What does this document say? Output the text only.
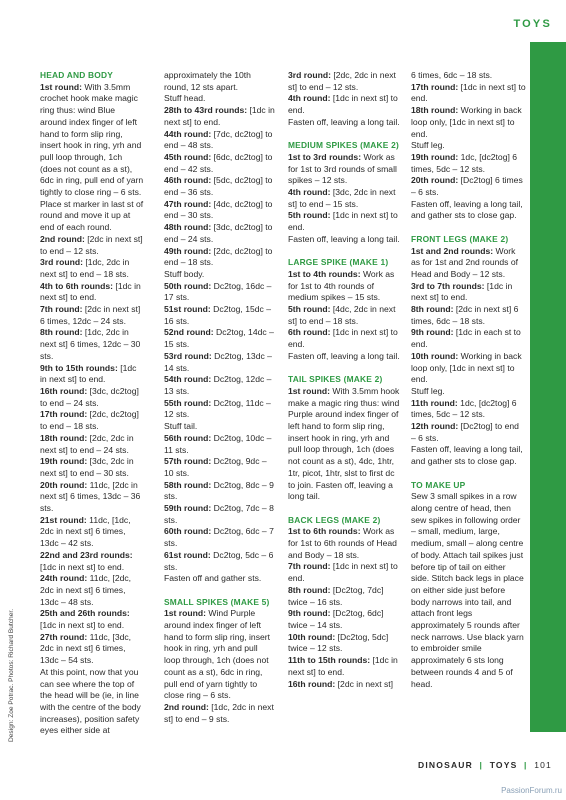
TOYS

HEAD AND BODY

1st round: With 3.5mm crochet hook make magic ring thus: wind Blue around index finger of left hand to form slip ring, insert hook in ring, yrh and pull loop through, 1ch (does not count as a st), 6dc in ring, pull end of yarn tightly to close ring – 6 sts.

Place st marker in last st of round and move it up at end of each round.

2nd round: [2dc in next st] to end – 12 sts.

3rd round: [1dc, 2dc in next st] to end – 18 sts.

4th to 6th rounds: [1dc in next st] to end.

7th round: [2dc in next st] 6 times, 12dc – 24 sts.

8th round: [1dc, 2dc in next st] 6 times, 12dc – 30 sts.

9th to 15th rounds: [1dc in next st] to end.

16th round: [3dc, dc2tog] to end – 24 sts.

17th round: [2dc, dc2tog] to end – 18 sts.

18th round: [2dc, 2dc in next st] to end – 24 sts.

19th round: [3dc, 2dc in next st] to end – 30 sts.

20th round: 11dc, [2dc in next st] 6 times, 13dc – 36 sts.

21st round: 11dc, [1dc, 2dc in next st] 6 times, 13dc – 42 sts.

22nd and 23rd rounds: [1dc in next st] to end.

24th round: 11dc, [2dc, 2dc in next st] 6 times, 13dc – 48 sts.

25th and 26th rounds: [1dc in next st] to end.

27th round: 11dc, [3dc, 2dc in next st] 6 times, 13dc – 54 sts.

At this point, now that you can see where the top of the head will be (ie, in line with the centre of the body increases), position safety eyes either side at

approximately the 10th round, 12 sts apart.

Stuff head.

28th to 43rd rounds: [1dc in next st] to end.

44th round: [7dc, dc2tog] to end – 48 sts.

45th round: [6dc, dc2tog] to end – 42 sts.

46th round: [5dc, dc2tog] to end – 36 sts.

47th round: [4dc, dc2tog] to end – 30 sts.

48th round: [3dc, dc2tog] to end – 24 sts.

49th round: [2dc, dc2tog] to end – 18 sts.

Stuff body.

50th round: Dc2tog, 16dc – 17 sts.

51st round: Dc2tog, 15dc – 16 sts.

52nd round: Dc2tog, 14dc – 15 sts.

53rd round: Dc2tog, 13dc – 14 sts.

54th round: Dc2tog, 12dc – 13 sts.

55th round: Dc2tog, 11dc – 12 sts.

Stuff tail.

56th round: Dc2tog, 10dc – 11 sts.

57th round: Dc2tog, 9dc – 10 sts.

58th round: Dc2tog, 8dc – 9 sts.

59th round: Dc2tog, 7dc – 8 sts.

60th round: Dc2tog, 6dc – 7 sts.

61st round: Dc2tog, 5dc – 6 sts.

Fasten off and gather sts.

SMALL SPIKES (MAKE 5)

1st round: Wind Purple around index finger of left hand to form slip ring, insert hook in ring, yrh and pull loop through, 1ch (does not count as a st), 6dc in ring, pull end of yarn tightly to close ring – 6 sts.

2nd round: [1dc, 2dc in next st] to end – 9 sts.

3rd round: [2dc, 2dc in next st] to end – 12 sts.

4th round: [1dc in next st] to end.

Fasten off, leaving a long tail.

MEDIUM SPIKES (MAKE 2)

1st to 3rd rounds: Work as for 1st to 3rd rounds of small spikes – 12 sts.

4th round: [3dc, 2dc in next st] to end – 15 sts.

5th round: [1dc in next st] to end.

Fasten off, leaving a long tail.

LARGE SPIKE (MAKE 1)

1st to 4th rounds: Work as for 1st to 4th rounds of medium spikes – 15 sts.

5th round: [4dc, 2dc in next st] to end – 18 sts.

6th round: [1dc in next st] to end.

Fasten off, leaving a long tail.

TAIL SPIKES (MAKE 2)

1st round: With 3.5mm hook make a magic ring thus: wind Purple around index finger of left hand to form slip ring, insert hook in ring, yrh and pull loop through, 1ch (does not count as a st), 4dc, 1htr, 1tr, picot, 1htr, slst to first dc to join. Fasten off, leaving a long tail.

BACK LEGS (MAKE 2)

1st to 6th rounds: Work as for 1st to 6th rounds of Head and Body – 18 sts.

7th round: [1dc in next st] to end.

8th round: [Dc2tog, 7dc] twice – 16 sts.

9th round: [Dc2tog, 6dc] twice – 14 sts.

10th round: [Dc2tog, 5dc] twice – 12 sts.

11th to 15th rounds: [1dc in next st] to end.

16th round: [2dc in next st]

6 times, 6dc – 18 sts.

17th round: [1dc in next st] to end.

18th round: Working in back loop only, [1dc in next st] to end.

Stuff leg.

19th round: 1dc, [dc2tog] 6 times, 5dc – 12 sts.

20th round: [Dc2tog] 6 times – 6 sts.

Fasten off, leaving a long tail, and gather sts to close gap.

FRONT LEGS (MAKE 2)

1st and 2nd rounds: Work as for 1st and 2nd rounds of Head and Body – 12 sts.

3rd to 7th rounds: [1dc in next st] to end.

8th round: [2dc in next st] 6 times, 6dc – 18 sts.

9th round: [1dc in each st to end.

10th round: Working in back loop only, [1dc in next st] to end.

Stuff leg.

11th round: 1dc, [dc2tog] 6 times, 5dc – 12 sts.

12th round: [Dc2tog] to end – 6 sts.

Fasten off, leaving a long tail, and gather sts to close gap.

TO MAKE UP

Sew 3 small spikes in a row along centre of head, then sew spikes in following order – small, medium, large, medium, small – along centre of body. Attach tail spikes just before tip of tail on either side. Stitch back legs in place on either side just before body narrows into tail, and attach front legs approximately 5 rounds after neck narrows. Use black yarn to embroider smile approximately 6 sts long between rounds 4 and 5 of head.

Design: Zoe Potrac. Photos: Richard Butcher.
DINOSAUR | TOYS | 101
PassionForum.ru
